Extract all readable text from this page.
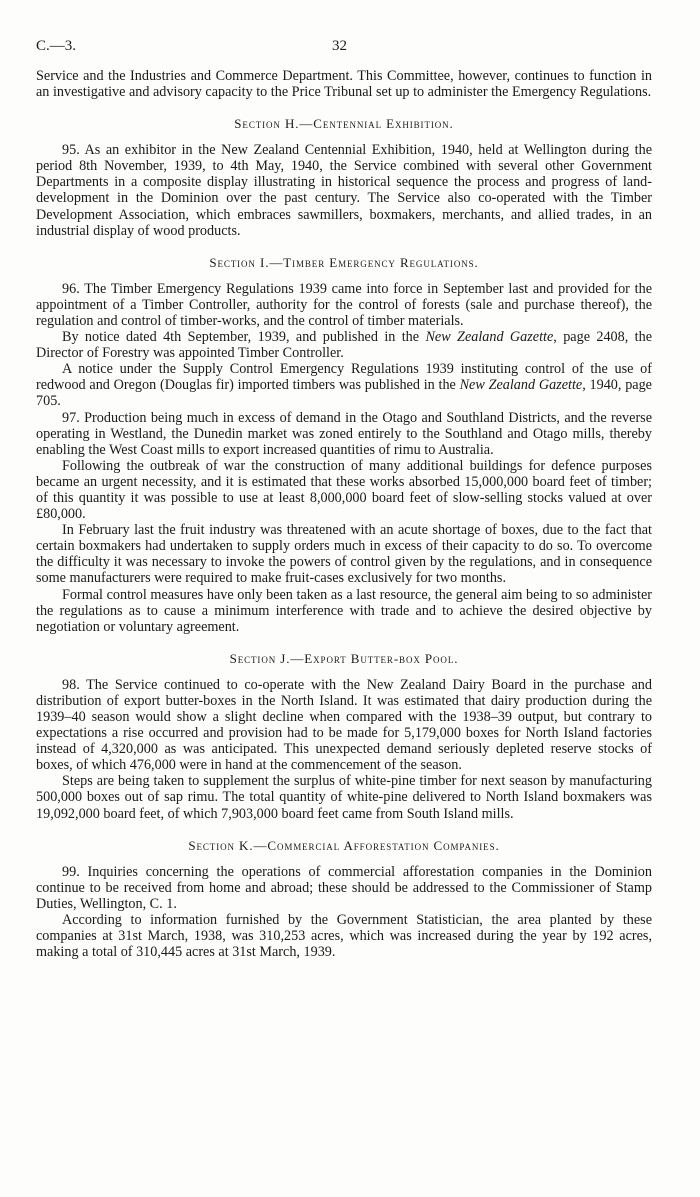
C.—3.	32

Service and the Industries and Commerce Department. This Committee, however, continues to function in an investigative and advisory capacity to the Price Tribunal set up to administer the Emergency Regulations.

Section H.—Centennial Exhibition.

95. As an exhibitor in the New Zealand Centennial Exhibition, 1940, held at Wellington during the period 8th November, 1939, to 4th May, 1940, the Service combined with several other Government Departments in a composite display illustrating in historical sequence the process and progress of land-development in the Dominion over the past century. The Service also co-operated with the Timber Development Association, which embraces sawmillers, boxmakers, merchants, and allied trades, in an industrial display of wood products.

Section I.—Timber Emergency Regulations.

96. The Timber Emergency Regulations 1939 came into force in September last and provided for the appointment of a Timber Controller, authority for the control of forests (sale and purchase thereof), the regulation and control of timber-works, and the control of timber materials.

By notice dated 4th September, 1939, and published in the New Zealand Gazette, page 2408, the Director of Forestry was appointed Timber Controller.

A notice under the Supply Control Emergency Regulations 1939 instituting control of the use of redwood and Oregon (Douglas fir) imported timbers was published in the New Zealand Gazette, 1940, page 705.

97. Production being much in excess of demand in the Otago and Southland Districts, and the reverse operating in Westland, the Dunedin market was zoned entirely to the Southland and Otago mills, thereby enabling the West Coast mills to export increased quantities of rimu to Australia.

Following the outbreak of war the construction of many additional buildings for defence purposes became an urgent necessity, and it is estimated that these works absorbed 15,000,000 board feet of timber; of this quantity it was possible to use at least 8,000,000 board feet of slow-selling stocks valued at over £80,000.

In February last the fruit industry was threatened with an acute shortage of boxes, due to the fact that certain boxmakers had undertaken to supply orders much in excess of their capacity to do so. To overcome the difficulty it was necessary to invoke the powers of control given by the regulations, and in consequence some manufacturers were required to make fruit-cases exclusively for two months.

Formal control measures have only been taken as a last resource, the general aim being to so administer the regulations as to cause a minimum interference with trade and to achieve the desired objective by negotiation or voluntary agreement.

Section J.—Export Butter-box Pool.

98. The Service continued to co-operate with the New Zealand Dairy Board in the purchase and distribution of export butter-boxes in the North Island. It was estimated that dairy production during the 1939–40 season would show a slight decline when compared with the 1938–39 output, but contrary to expectations a rise occurred and provision had to be made for 5,179,000 boxes for North Island factories instead of 4,320,000 as was anticipated. This unexpected demand seriously depleted reserve stocks of boxes, of which 476,000 were in hand at the commencement of the season.

Steps are being taken to supplement the surplus of white-pine timber for next season by manufacturing 500,000 boxes out of sap rimu. The total quantity of white-pine delivered to North Island boxmakers was 19,092,000 board feet, of which 7,903,000 board feet came from South Island mills.

Section K.—Commercial Afforestation Companies.

99. Inquiries concerning the operations of commercial afforestation companies in the Dominion continue to be received from home and abroad; these should be addressed to the Commissioner of Stamp Duties, Wellington, C. 1.

According to information furnished by the Government Statistician, the area planted by these companies at 31st March, 1938, was 310,253 acres, which was increased during the year by 192 acres, making a total of 310,445 acres at 31st March, 1939.
